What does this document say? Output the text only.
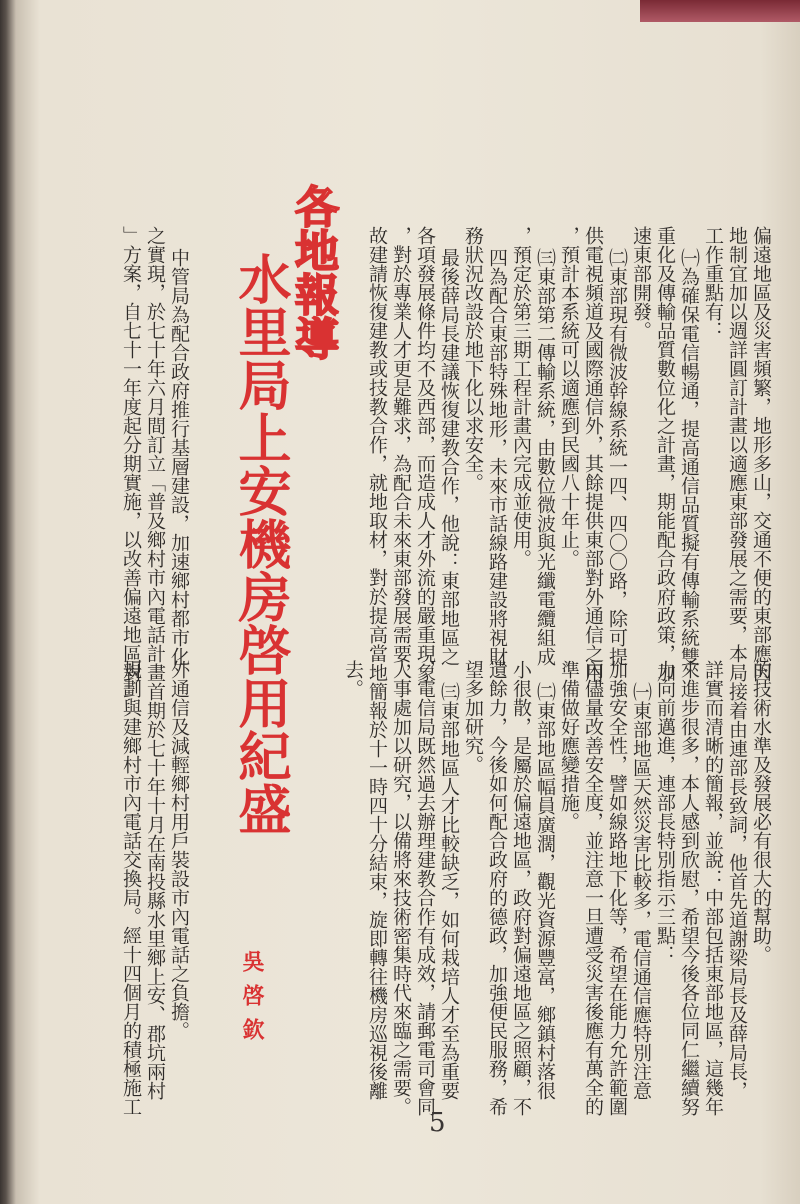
各地報導
水里局上安機房啓用紀盛
吳啓欽
偏遠地區及災害頻繁，地形多山，交通不便的東部應因
地制宜加以週詳圓訂計畫以適應東部發展之需要，本局
工作重點有：
㈠為確保電信暢通，提高通信品質擬有傳輸系統雙
重化及傳輸品質數位化之計畫，期能配合政府政策，加
速東部開發。
㈡東部現有微波幹線系統一四、四〇〇路，除可提
供電視頻道及國際通信外，其餘提供東部對外通信之用
，預計本系統可以適應到民國八十年止。
㈢東部第二傳輸系統，由數位微波與光纖電纜組成
，預定於第三期工程計畫內完成並使用。
四為配合東部特殊地形，未來市話線路建設將視財
務狀況改設於地下化以求安全。
最後薛局長建議恢復建教合作，他說：東部地區之
各項發展條件均不及西部，而造成人才外流的嚴重現象
，對於專業人才更是難求，為配合未來東部發展需要，
故建請恢復建教或技教合作，就地取材，對於提高當地
中管局為配合政府推行基層建設，加速鄉村都市化
之實現，於七十年六月間訂立「普及鄉村市內電話計畫
」方案，自七十一年度起分期實施，以改善偏遠地區對
的技術水準及發展必有很大的幫助。
接着由連部長致詞，他首先道謝梁局長及薛局長，
詳實而清晰的簡報，並說：中部包括東部地區，這幾年
來進步很多，本人感到欣慰，希望今後各位同仁繼續努
力向前邁進，連部長特別指示三點：
㈠東部地區天然災害比較多，電信通信應特別注意
加強安全性，譬如線路地下化等，希望在能力允許範圍
內儘量改善安全度，並注意一旦遭受災害後應有萬全的
準備做好應變措施。
㈡東部地區幅員廣濶，觀光資源豐富，鄉鎮村落很
小很散，是屬於偏遠地區，政府對偏遠地區之照顧，不
遺餘力，今後如何配合政府的德政，加強便民服務，希
望多加研究。
㈢東部地區人才比較缺乏，如何栽培人才至為重要
，電信局既然過去辦理建教合作有成效，請郵電司會同
人事處加以研究，以備將來技術密集時代來臨之需要。
簡報於十一時四十分結束，旋即轉往機房巡視後離
去。
外通信及減輕鄉村用戶裝設市內電話之負擔。
首期於七十年十月在南投縣水里鄉上安、郡坑兩村
規劃與建鄉村市內電話交換局。經十四個月的積極施工
5
